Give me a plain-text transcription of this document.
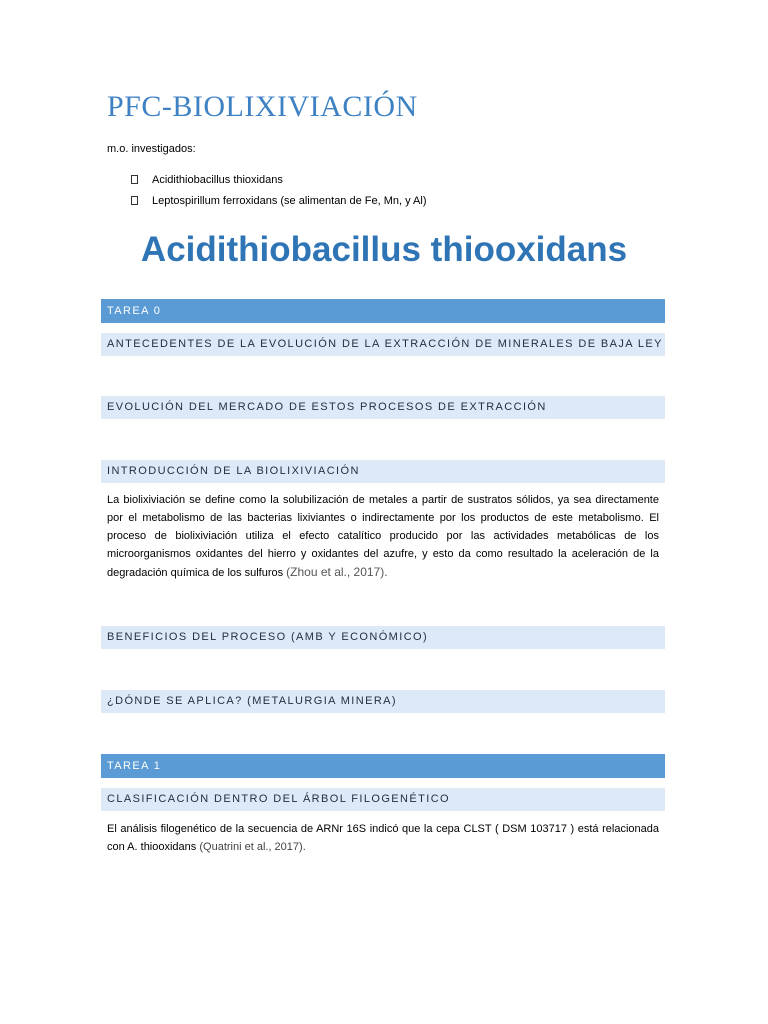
PFC-BIOLIXIVIACIÓN
m.o. investigados:
Acidithiobacillus thioxidans
Leptospirillum ferroxidans (se alimentan de Fe, Mn, y Al)
Acidithiobacillus thiooxidans
TAREA 0
ANTECEDENTES DE LA EVOLUCIÓN DE LA EXTRACCIÓN DE MINERALES DE BAJA LEY
EVOLUCIÓN DEL MERCADO DE ESTOS PROCESOS DE EXTRACCIÓN
INTRODUCCIÓN DE LA BIOLIXIVIACIÓN
La biolixiviación se define como la solubilización de metales a partir de sustratos sólidos, ya sea directamente por el metabolismo de las bacterias lixiviantes o indirectamente por los productos de este metabolismo. El proceso de biolixiviación utiliza el efecto catalítico producido por las actividades metabólicas de los microorganismos oxidantes del hierro y oxidantes del azufre, y esto da como resultado la aceleración de la degradación química de los sulfuros (Zhou et al., 2017).
BENEFICIOS DEL PROCESO (AMB Y ECONÓMICO)
¿DÓNDE SE APLICA? (METALURGIA MINERA)
TAREA 1
CLASIFICACIÓN DENTRO DEL ÁRBOL FILOGENÉTICO
El análisis filogenético de la secuencia de ARNr 16S indicó que la cepa CLST ( DSM 103717 ) está relacionada con A. thiooxidans (Quatrini et al., 2017).
